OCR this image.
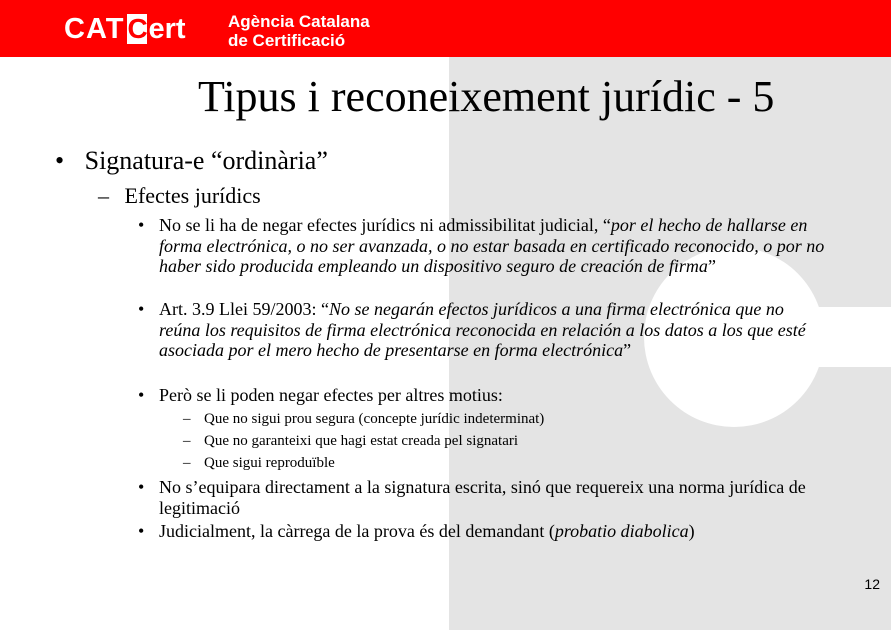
CAT C ert Agència Catalana
de Certificació
Tipus i reconeixement jurídic - 5
• Signatura-e “ordinària”
– Efectes jurídics
• No se li ha de negar efectes jurídics ni admissibilitat judicial, “por el hecho de hallarse en forma electrónica, o no ser avanzada, o no estar basada en certificado reconocido, o por no haber sido producida empleando un dispositivo seguro de creación de firma”
• Art. 3.9 Llei 59/2003: “No se negarán efectos jurídicos a una firma electrónica que no reúna los requisitos de firma electrónica reconocida en relación a los datos a los que esté asociada por el mero hecho de presentarse en forma electrónica”
• Però se li poden negar efectes per altres motius:
– Que no sigui prou segura (concepte jurídic indeterminat)
– Que no garanteixi que hagi estat creada pel signatari
– Que sigui reproduïble
• No s’equipara directament a la signatura escrita, sinó que requereix una norma jurídica de legitimació
• Judicialment, la càrrega de la prova és del demandant (probatio diabolica)
12
